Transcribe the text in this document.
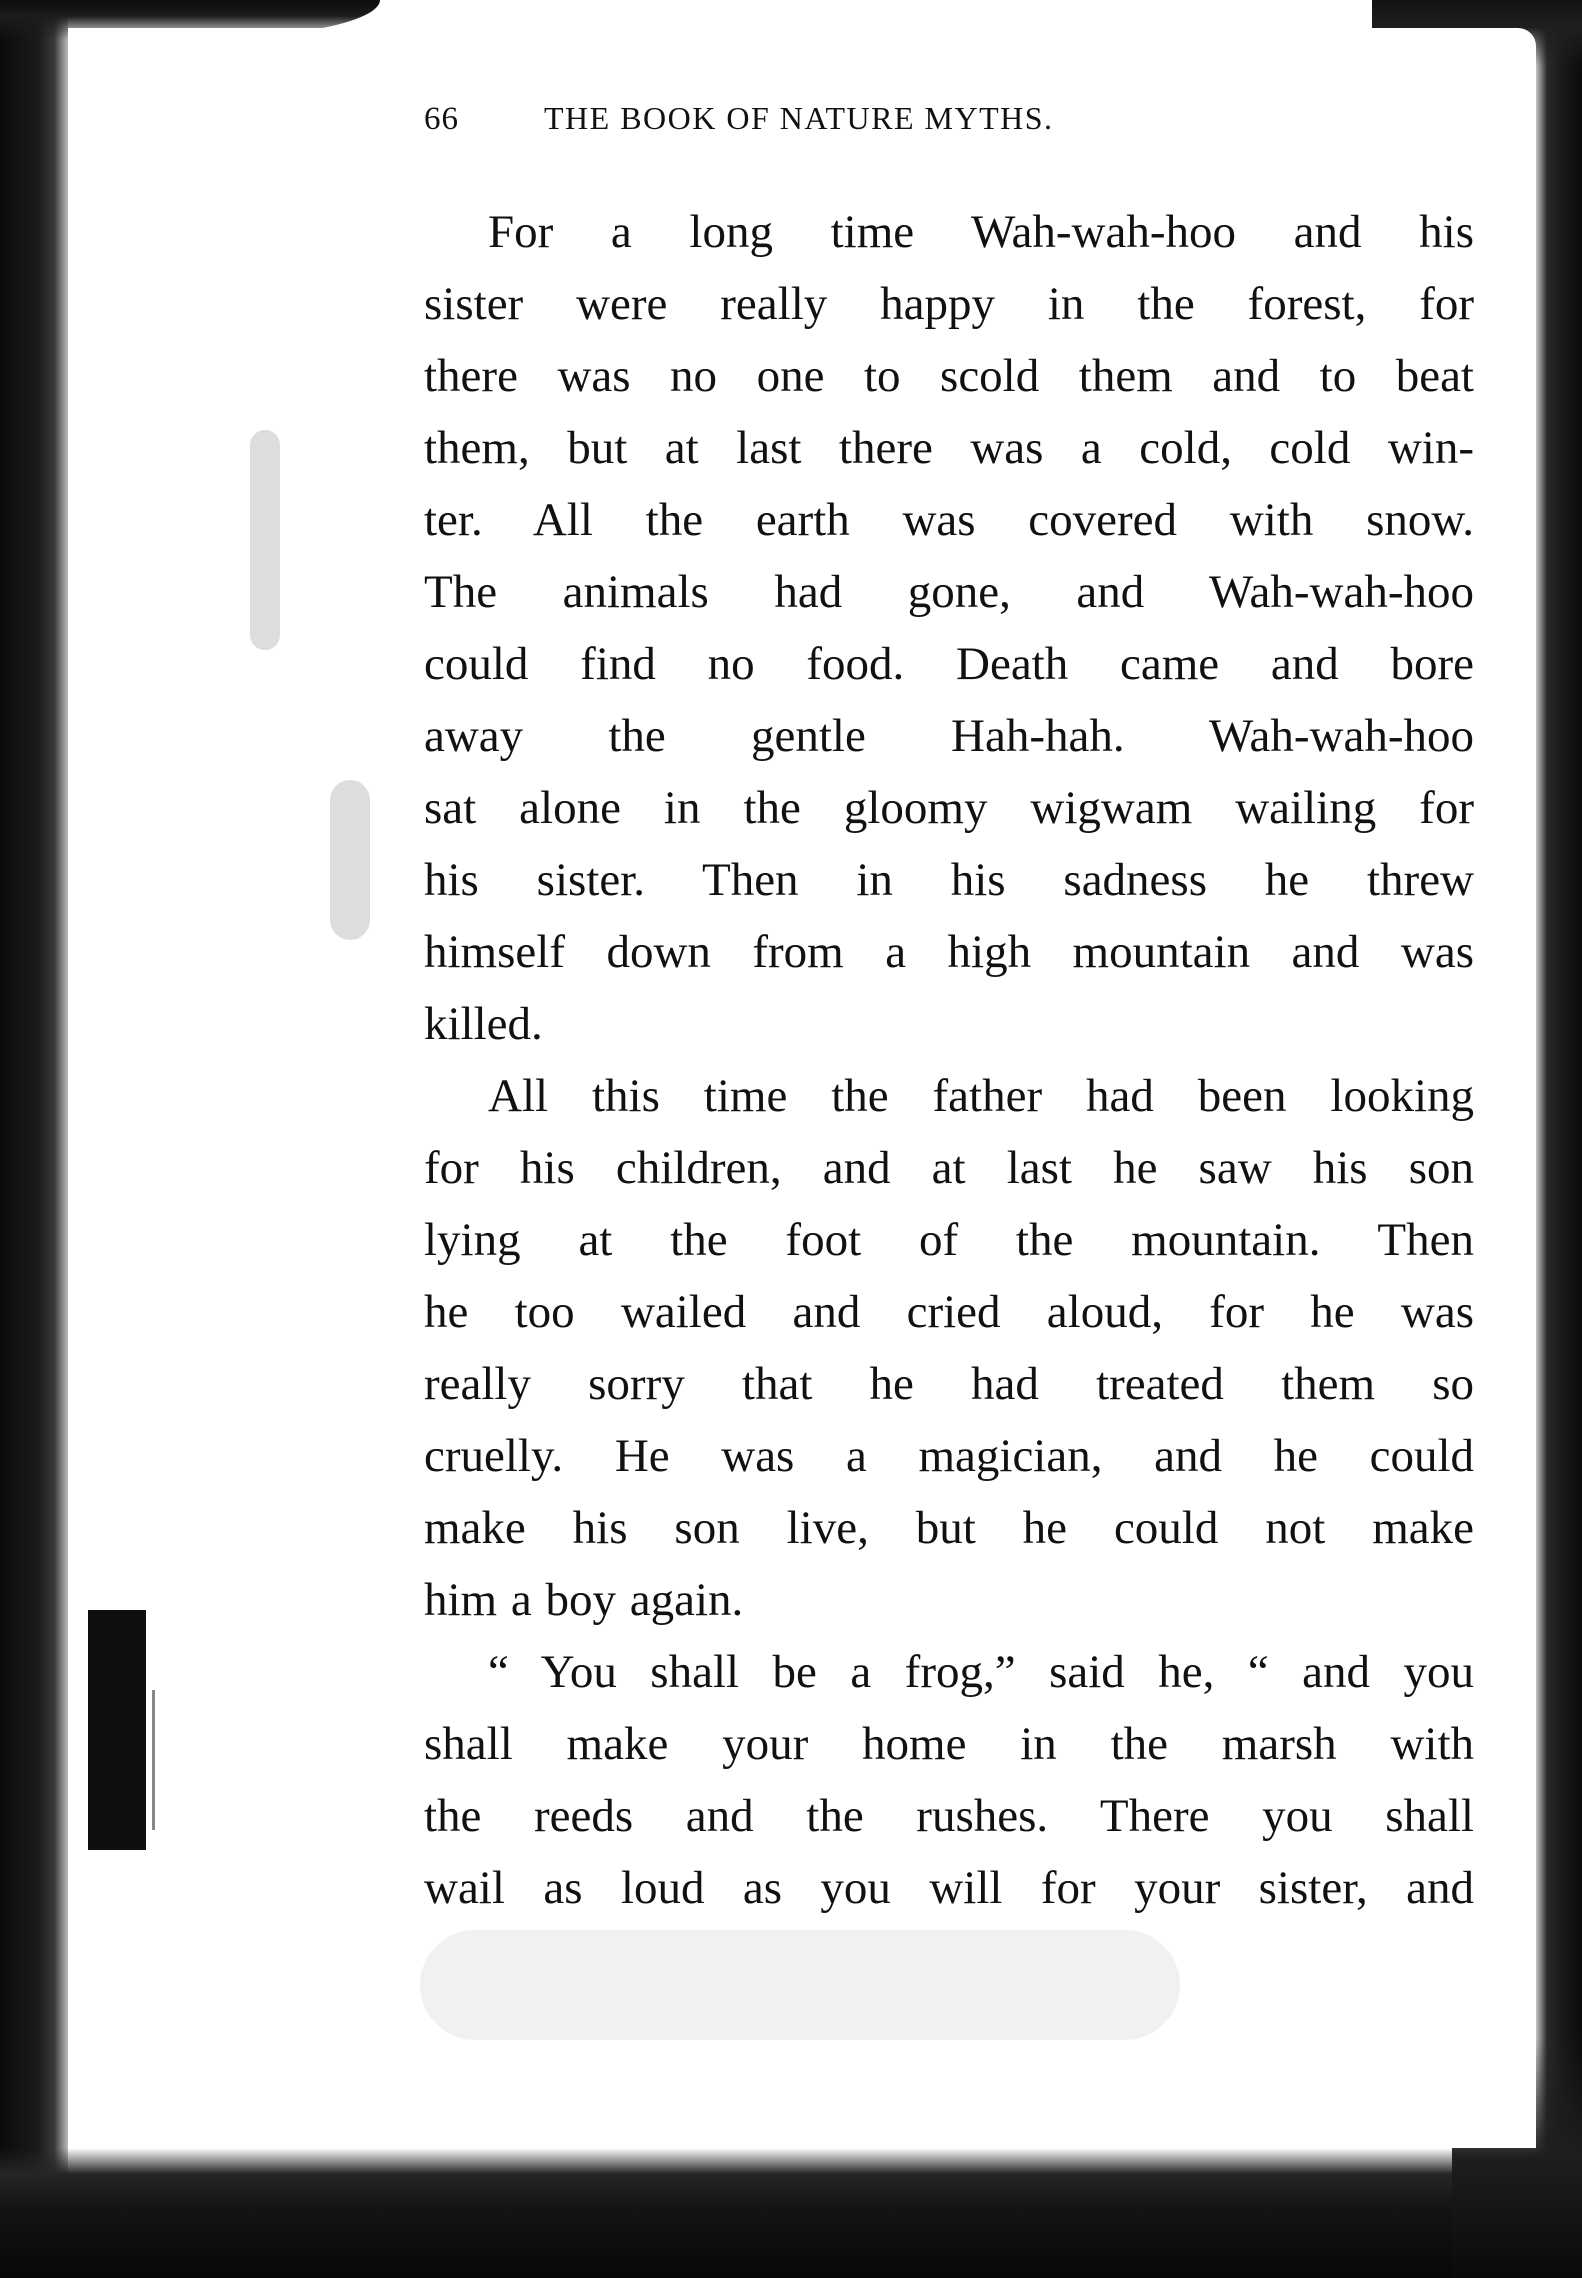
66	THE BOOK OF NATURE MYTHS.
For a long time Wah-wah-hoo and his
sister were really happy in the forest, for
there was no one to scold them and to beat
them, but at last there was a cold, cold win-
ter. All the earth was covered with snow.
The animals had gone, and Wah-wah-hoo
could find no food. Death came and bore
away the gentle Hah-hah. Wah-wah-hoo
sat alone in the gloomy wigwam wailing for
his sister. Then in his sadness he threw
himself down from a high mountain and was
killed.
All this time the father had been looking
for his children, and at last he saw his son
lying at the foot of the mountain. Then
he too wailed and cried aloud, for he was
really sorry that he had treated them so
cruelly. He was a magician, and he could
make his son live, but he could not make
him a boy again.
“ You shall be a frog,” said he, “ and you
shall make your home in the marsh with
the reeds and the rushes. There you shall
wail as loud as you will for your sister, and
